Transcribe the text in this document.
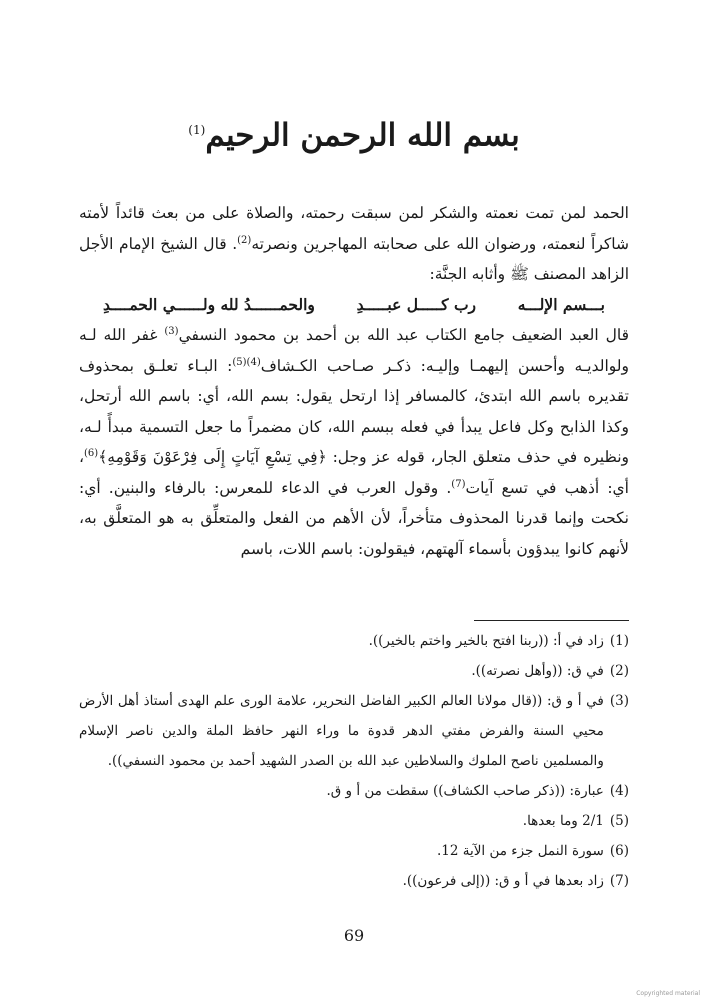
بسم الله الرحمن الرحيم$^{(1)}$

الحمد لمن تمت نعمته والشكر لمن سبقت رحمته، والصلاة على من بعث قائداً لأمته شاكراً لنعمته، ورضوان الله على صحابته المهاجرين ونصرته$^{(2)}$. قال الشيخ الإمام الأجل الزاهد المصنف ﷺ وأثابه الجنَّة:

بـــسم الإلـــه
رب كـــــل عبـــــدِ
والحمــــــدُ لله ولــــــي الحمــــدِ

قال العبد الضعيف جامع الكتاب عبد الله بن أحمد بن محمود النسفي$^{(3)}$ غفر الله لـه ولوالديـه وأحسن إليهمـا وإليـه: ذكـر صـاحب الكـشاف$^{(4)(5)}$: البـاء تعلـق بمحذوف تقديره باسم الله ابتدئ، كالمسافر إذا ارتحل يقول: بسم الله، أي: باسم الله أرتحل، وكذا الذابح وكل فاعل يبدأ في فعله ببسم الله، كان مضمراً ما جعل التسمية مبدأً لـه، ونظيره في حذف متعلق الجار، قوله عز وجل: ﴿فِي تِسْعِ آيَاتٍ إِلَى فِرْعَوْنَ وَقَوْمِهِ﴾$^{(6)}$، أي: أذهب في تسع آيات$^{(7)}$. وقول العرب في الدعاء للمعرس: بالرفاء والبنين. أي: نكحت وإنما قدرنا المحذوف متأخراً، لأن الأهم من الفعل والمتعلِّق به هو المتعلَّق به، لأنهم كانوا يبدؤون بأسماء آلهتهم، فيقولون: باسم اللات، باسم

(1)
زاد في أ: ((ربنا افتح بالخير واختم بالخير)).
(2)
في ق: ((وأهل نصرته)).
(3)
في أ و ق: ((قال مولانا العالم الكبير الفاضل النحرير، علامة الورى علم الهدى أستاذ أهل الأرض محيي السنة والفرض مفتي الدهر قدوة ما وراء النهر حافظ الملة والدين ناصر الإسلام والمسلمين ناصح الملوك والسلاطين عبد الله بن الصدر الشهيد أحمد بن محمود النسفي)).
(4)
عبارة: ((ذكر صاحب الكشاف)) سقطت من أ و ق.
(5)
2/1 وما بعدها.
(6)
سورة النمل جزء من الآية 12.
(7)
زاد بعدها في أ و ق: ((إلى فرعون)).
69
Copyrighted material
